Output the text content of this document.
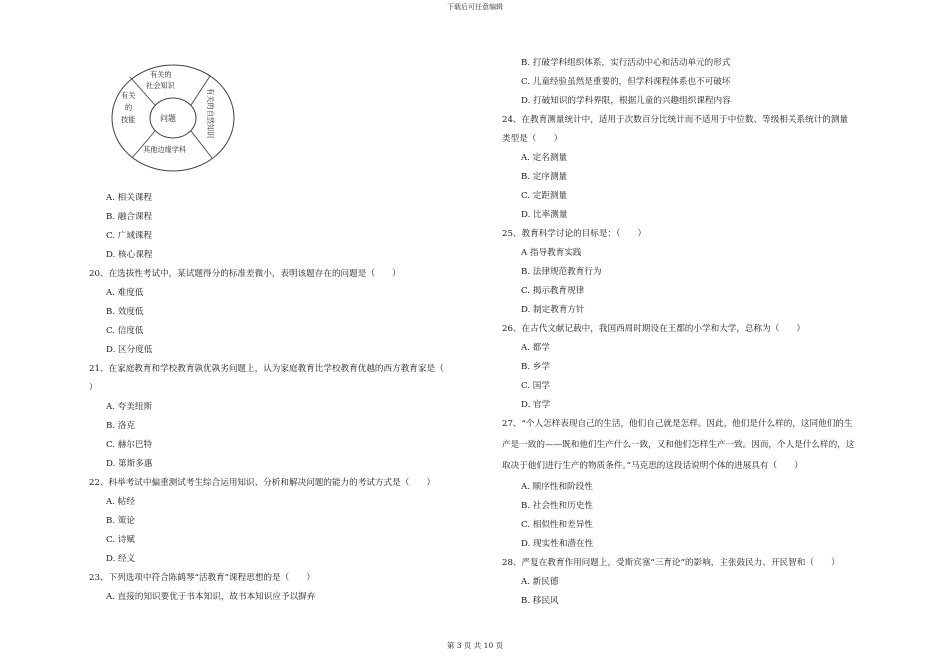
下载后可任意编辑
问题
有关的
社会知识
有关
的
技能	有关的自然知识
其他边缘学科
A. 相关课程
B. 融合课程
C. 广域课程
D. 核心课程
20、在选拔性考试中，某试题得分的标准差微小，表明该题存在的问题是（　　）
A. 难度低
B. 效度低
C. 信度低
D. 区分度低
21、在家庭教育和学校教育孰优孰劣问题上，认为家庭教育比学校教育优越的西方教育家是（
）
A. 夸美纽斯
B. 洛克
C. 赫尔巴特
D. 第斯多惠
22、科举考试中偏重测试考生综合运用知识、分析和解决问题的能力的考试方式是（　　）
A. 帖经
B. 策论
C. 诗赋
D. 经义
23、下列选项中符合陈鹤琴“活教育”课程思想的是（　　）
A. 直接的知识要优于书本知识，故书本知识应予以摒弃
B. 打破学科组织体系，实行活动中心和活动单元的形式
C. 儿童经验虽然是重要的，但学科课程体系也不可破坏
D. 打破知识的学科界限，根据儿童的兴趣组织课程内容
24、在教育测量统计中，适用于次数百分比统计而不适用于中位数、等级相关系统计的测量
类型是（　　）
A. 定名测量
B. 定序测量
C. 定距测量
D. 比率测量
25、教育科学讨论的目标是：（　　）
A 指导教育实践
B. 法律规范教育行为
C. 揭示教育规律
D. 制定教育方针
26、在古代文献记载中，我国西周时期设在王都的小学和大学，总称为（　　）
A. 都学
B. 乡学
C. 国学
D. 官学
27、“个人怎样表现自己的生活，他们自己就是怎样。因此，他们是什么样的，这同他们的生
产是一致的——既和他们生产什么一致，又和他们怎样生产一致。因而，个人是什么样的，这
取决于他们进行生产的物质条件。”马克思的这段话说明个体的进展具有（　　）
A. 顺序性和阶段性
B. 社会性和历史性
C. 相似性和差异性
D. 现实性和潜在性
28、严复在教育作用问题上，受斯宾塞“三育论”的影响，主张鼓民力、开民智和（　　）
A. 新民德
B. 移民风
第 3 页 共 10 页
